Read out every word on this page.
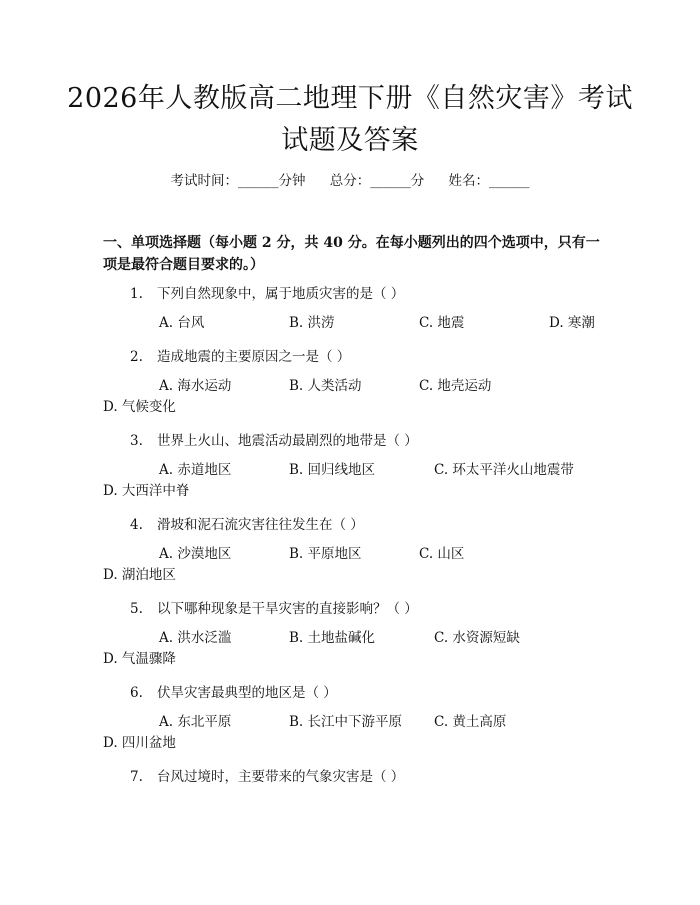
2026年人教版高二地理下册《自然灾害》考试试题及答案
考试时间：______分钟 总分：______分 姓名：______
一、单项选择题（每小题 2 分，共 40 分。在每小题列出的四个选项中，只有一项是最符合题目要求的。）
1. 下列自然现象中，属于地质灾害的是（ ）
A. 台风	B. 洪涝	C. 地震	D. 寒潮
2. 造成地震的主要原因之一是（ ）
A. 海水运动	B. 人类活动	C. 地壳运动D. 气候变化
3. 世界上火山、地震活动最剧烈的地带是（ ）
A. 赤道地区	B. 回归线地区	C. 环太平洋火山地震带 D. 大西洋中脊
4. 滑坡和泥石流灾害往往发生在（ ）
A. 沙漠地区	B. 平原地区	C. 山区D. 湖泊地区
5. 以下哪种现象是干旱灾害的直接影响？（ ）
A. 洪水泛滥	B. 土地盐碱化	C. 水资源短缺D. 气温骤降
6. 伏旱灾害最典型的地区是（ ）
A. 东北平原	B. 长江中下游平原 C. 黄土高原D. 四川盆地
7. 台风过境时，主要带来的气象灾害是（ ）
